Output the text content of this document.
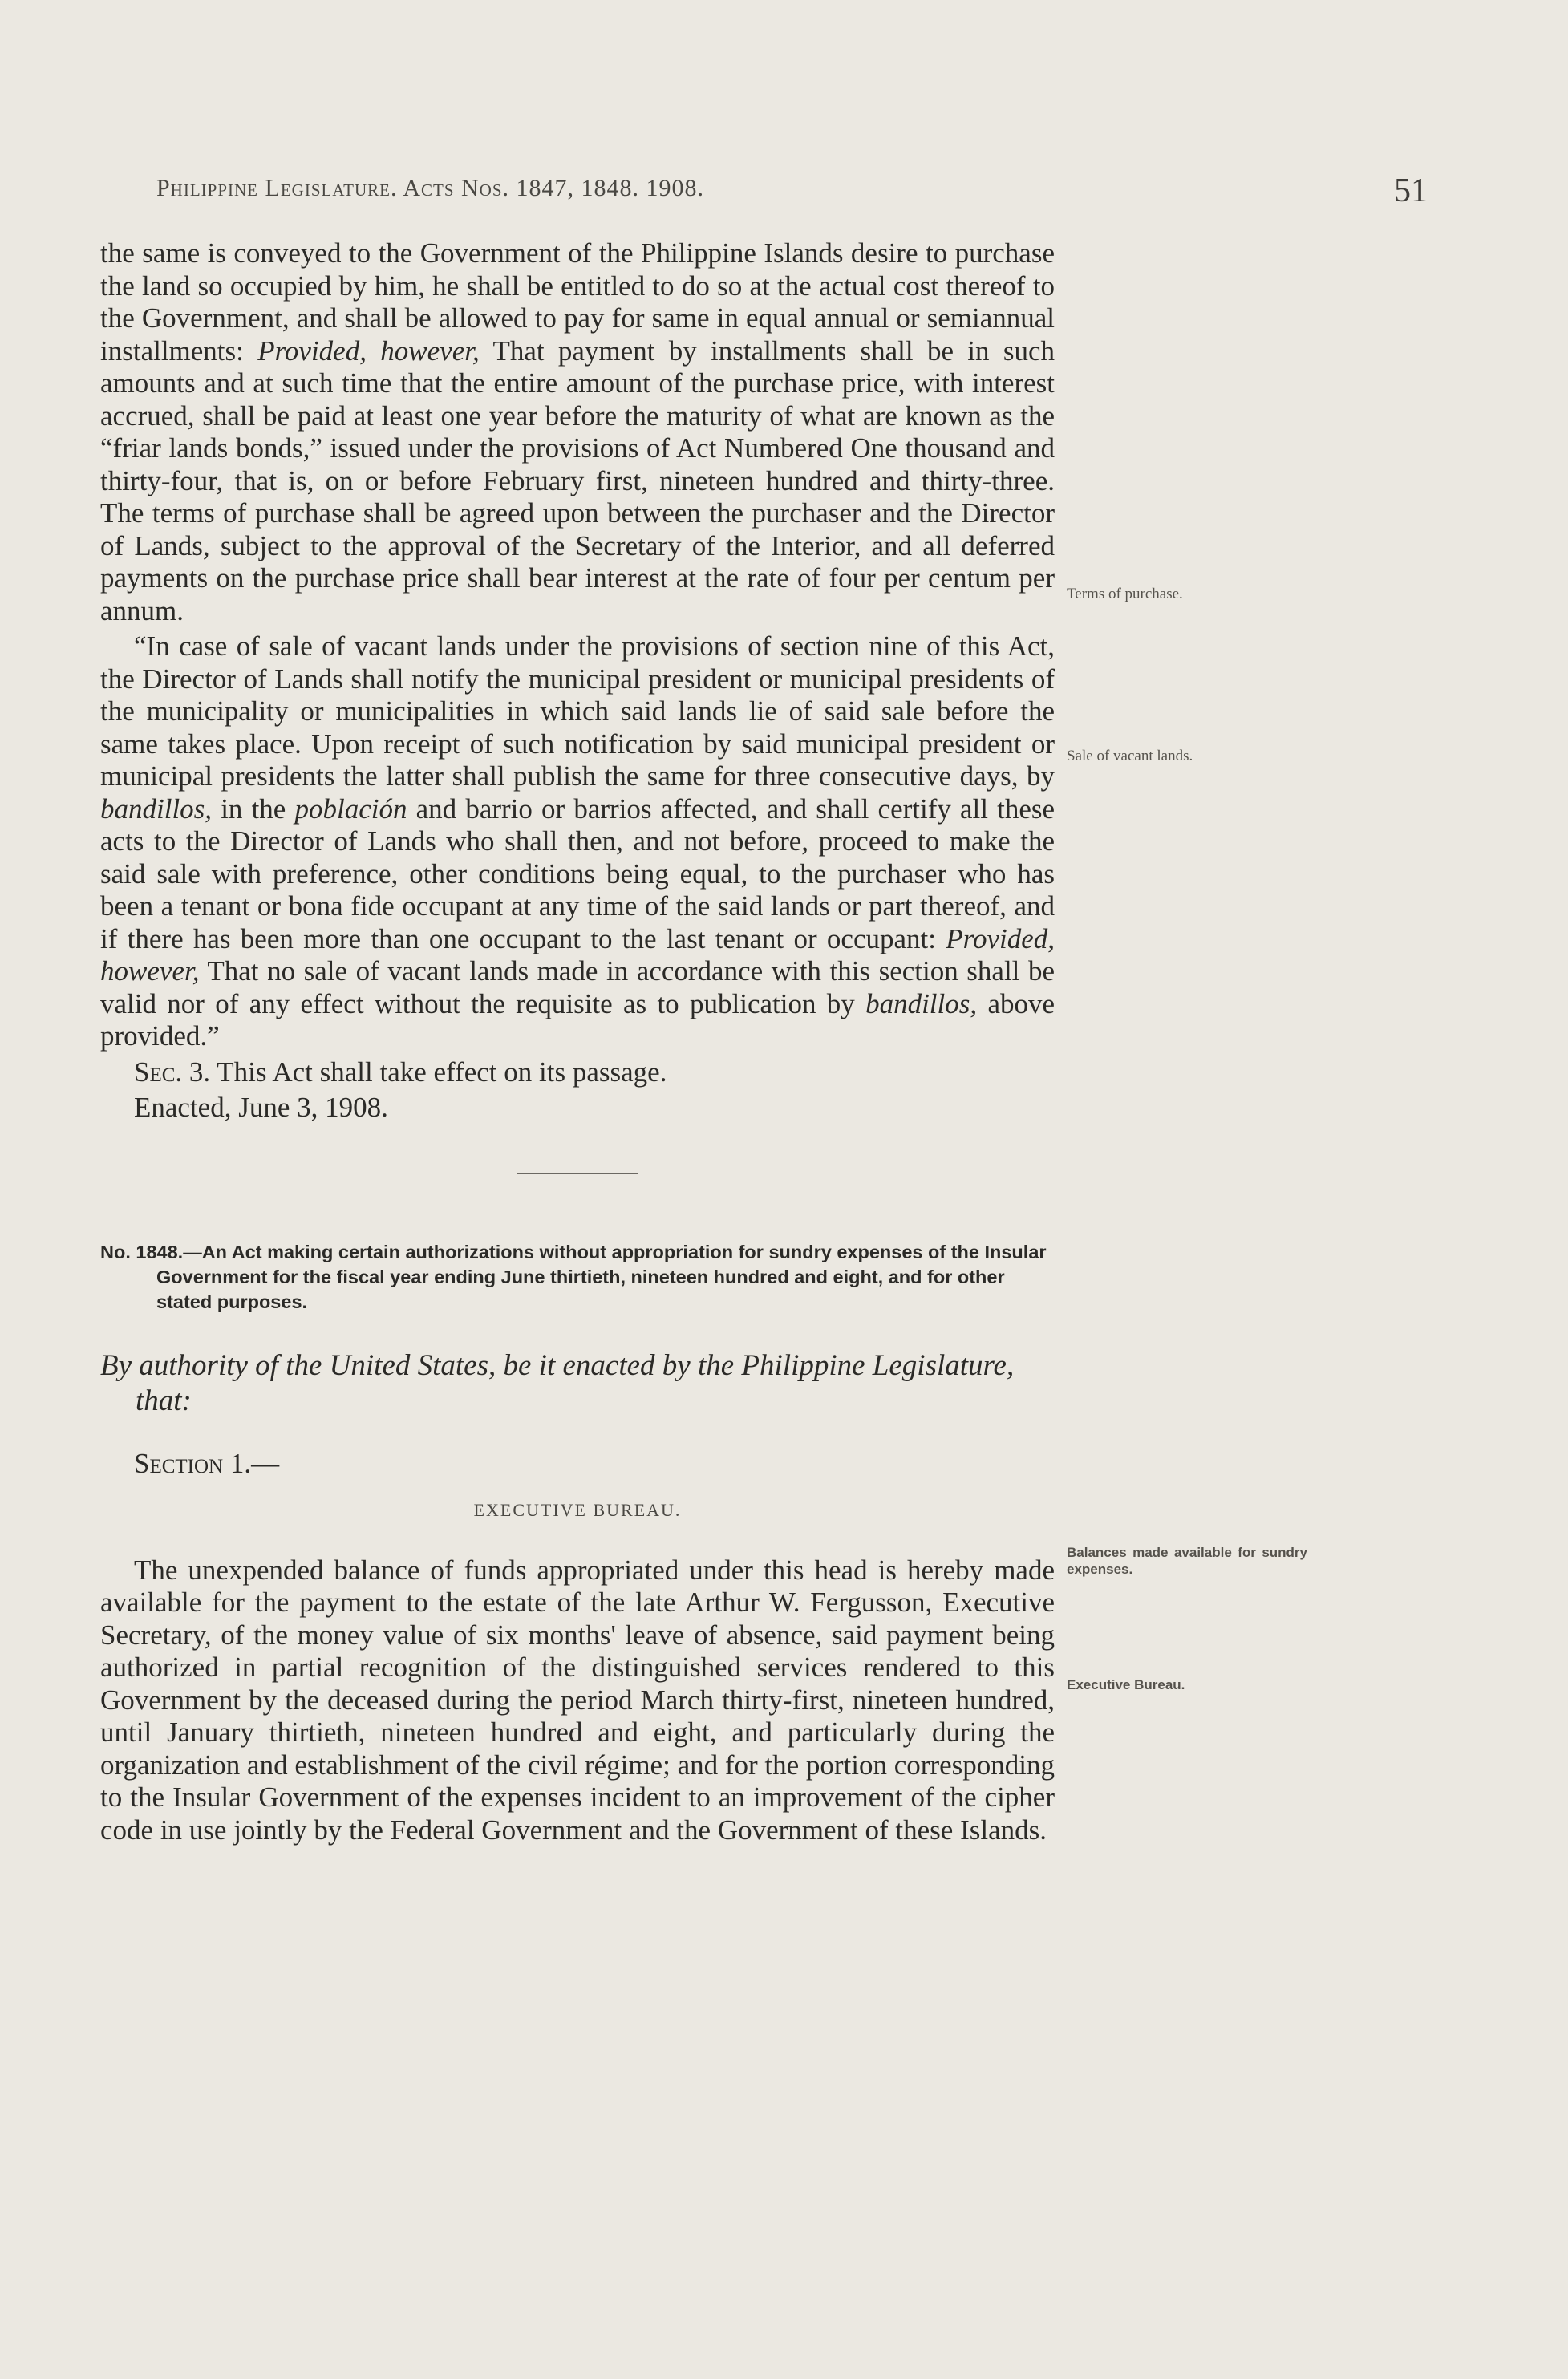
Philippine Legislature. Acts Nos. 1847, 1848. 1908.	51

the same is conveyed to the Government of the Philippine Islands desire to purchase the land so occupied by him, he shall be entitled to do so at the actual cost thereof to the Government, and shall be allowed to pay for same in equal annual or semiannual installments: Provided, however, That payment by installments shall be in such amounts and at such time that the entire amount of the purchase price, with interest accrued, shall be paid at least one year before the maturity of what are known as the “friar lands bonds,” issued under the provisions of Act Numbered One thousand and thirty-four, that is, on or before February first, nineteen hundred and thirty-three. The terms of purchase shall be agreed upon between the purchaser and the Director of Lands, subject to the approval of the Secretary of the Interior, and all deferred payments on the purchase price shall bear interest at the rate of four per centum per annum.

“In case of sale of vacant lands under the provisions of section nine of this Act, the Director of Lands shall notify the municipal president or municipal presidents of the municipality or municipalities in which said lands lie of said sale before the same takes place. Upon receipt of such notification by said municipal president or municipal presidents the latter shall publish the same for three consecutive days, by bandillos, in the población and barrio or barrios affected, and shall certify all these acts to the Director of Lands who shall then, and not before, proceed to make the said sale with preference, other conditions being equal, to the purchaser who has been a tenant or bona fide occupant at any time of the said lands or part thereof, and if there has been more than one occupant to the last tenant or occupant: Provided, however, That no sale of vacant lands made in accordance with this section shall be valid nor of any effect without the requisite as to publication by bandillos, above provided.”

Sec. 3. This Act shall take effect on its passage.

Enacted, June 3, 1908.

No. 1848.—An Act making certain authorizations without appropriation for sundry expenses of the Insular Government for the fiscal year ending June thirtieth, nineteen hundred and eight, and for other stated purposes.

By authority of the United States, be it enacted by the Philippine Legislature, that:

Section 1.—

EXECUTIVE BUREAU.

The unexpended balance of funds appropriated under this head is hereby made available for the payment to the estate of the late Arthur W. Fergusson, Executive Secretary, of the money value of six months' leave of absence, said payment being authorized in partial recognition of the distinguished services rendered to this Government by the deceased during the period March thirty-first, nineteen hundred, until January thirtieth, nineteen hundred and eight, and particularly during the organization and establishment of the civil régime; and for the portion corresponding to the Insular Government of the expenses incident to an improvement of the cipher code in use jointly by the Federal Government and the Government of these Islands.

Terms of purchase.
Sale of vacant lands.
Balances made available for sundry expenses.
Executive Bureau.
